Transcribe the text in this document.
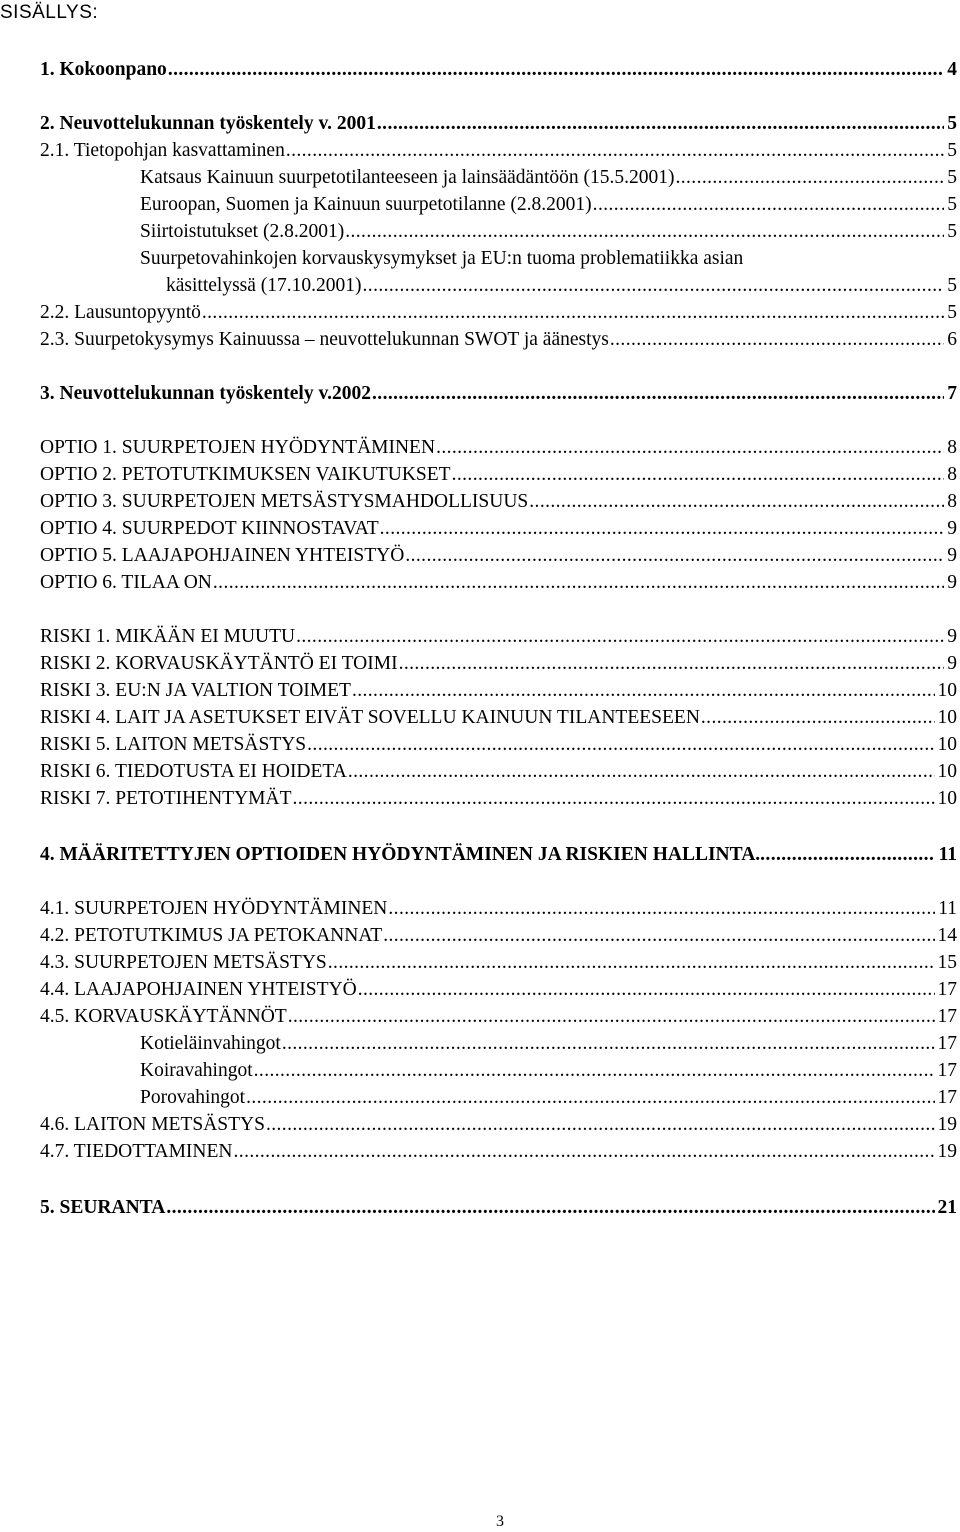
SISÄLLYS:
1. Kokoonpano .....	4
2. Neuvottelukunnan työskentely v. 2001 .....	5
2.1. Tietopohjan kasvattaminen .....	5
Katsaus Kainuun suurpetotilanteeseen ja lainsäädäntöön (15.5.2001) .....	5
Euroopan, Suomen ja Kainuun suurpetotilanne (2.8.2001) .....	5
Siirtoistutukset (2.8.2001) .....	5
Suurpetovahinkojen korvauskysymykset ja EU:n tuoma problematiikka asian
käsittelyssä (17.10.2001) .....	5
2.2. Lausuntopyyntö .....	5
2.3. Suurpetokysymys Kainuussa – neuvottelukunnan SWOT ja äänestys .....	6
3. Neuvottelukunnan työskentely v.2002 .....	7
OPTIO 1. SUURPETOJEN HYÖDYNTÄMINEN .....	8
OPTIO 2. PETOTUTKIMUKSEN VAIKUTUKSET .....	8
OPTIO 3. SUURPETOJEN METSÄSTYSMAHDOLLISUUS .....	8
OPTIO 4. SUURPEDOT KIINNOSTAVAT .....	9
OPTIO 5. LAAJAPOHJAINEN YHTEISTYÖ .....	9
OPTIO 6. TILAA ON .....	9
RISKI 1. MIKÄÄN EI MUUTU .....	9
RISKI 2. KORVAUSKÄYTÄNTÖ EI TOIMI .....	9
RISKI 3. EU:N JA VALTION TOIMET .....	10
RISKI 4. LAIT JA ASETUKSET EIVÄT SOVELLU KAINUUN TILANTEESEEN .....	10
RISKI 5. LAITON METSÄSTYS .....	10
RISKI 6. TIEDOTUSTA EI HOIDETA .....	10
RISKI 7. PETOTIHENTYMÄT .....	10
4. MÄÄRITETTYJEN OPTIOIDEN HYÖDYNTÄMINEN JA RISKIEN HALLINTA. .....	11
4.1. SUURPETOJEN HYÖDYNTÄMINEN .....	11
4.2. PETOTUTKIMUS JA PETOKANNAT .....	14
4.3. SUURPETOJEN METSÄSTYS .....	15
4.4. LAAJAPOHJAINEN YHTEISTYÖ .....	17
4.5. KORVAUSKÄYTÄNNÖT .....	17
Kotieläinvahingot .....	17
Koiravahingot .....	17
Porovahingot .....	17
4.6. LAITON METSÄSTYS .....	19
4.7. TIEDOTTAMINEN .....	19
5. SEURANTA .....	21
3
